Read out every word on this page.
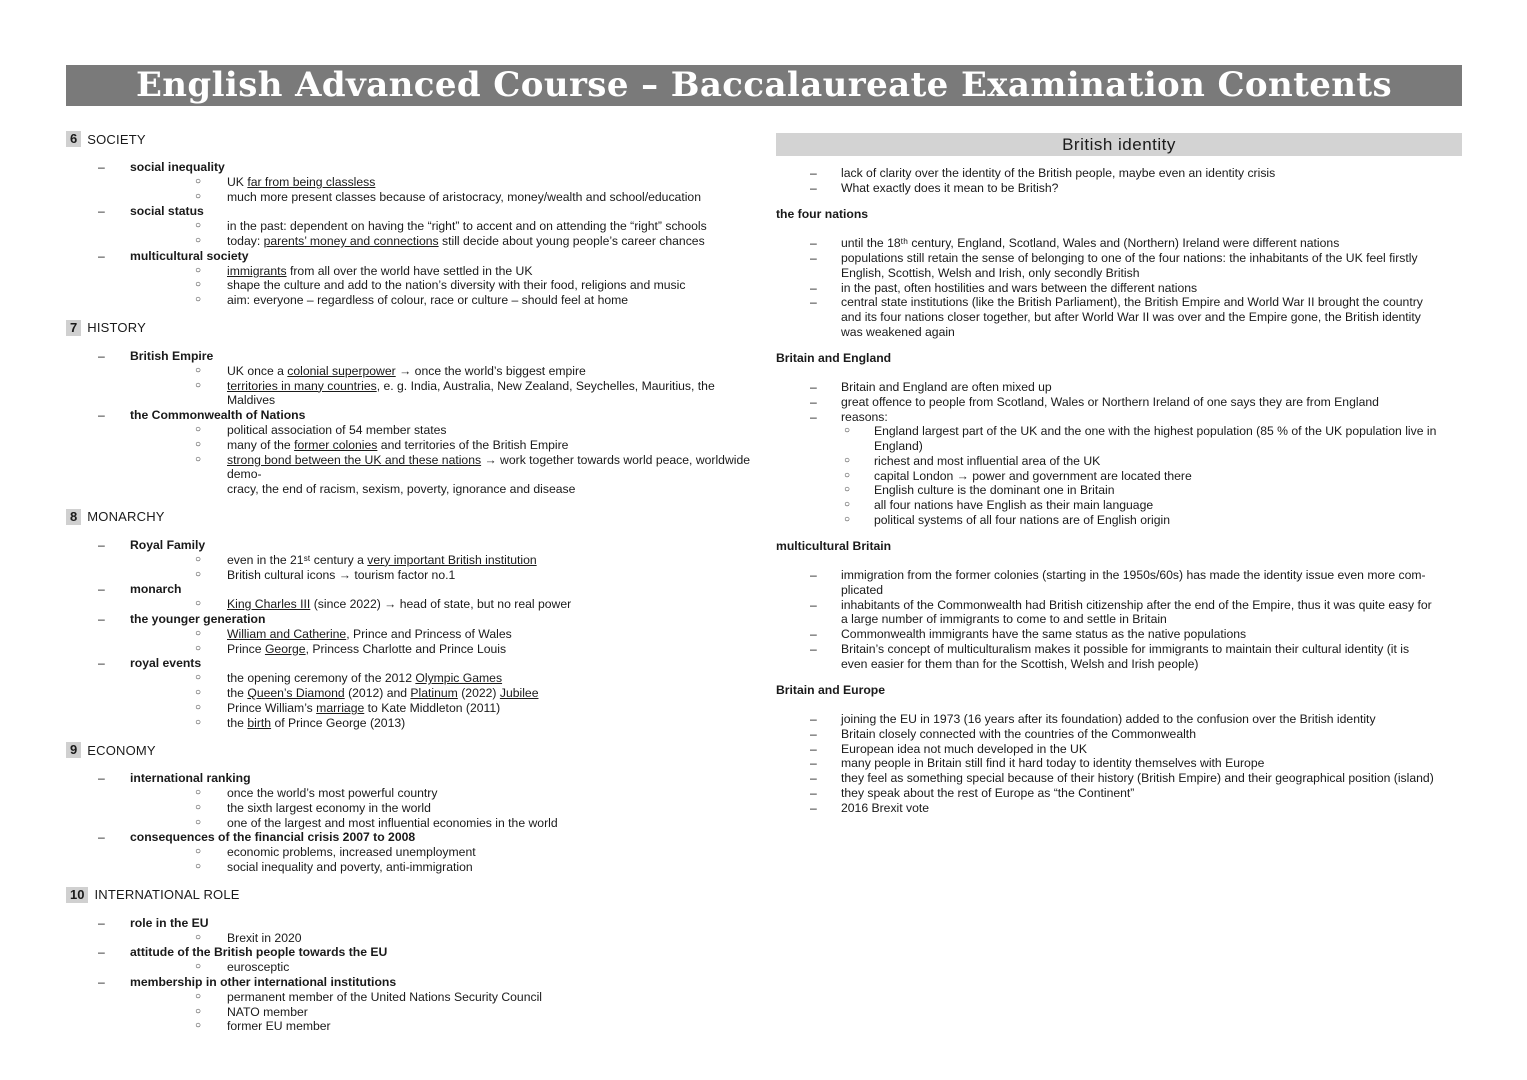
English Advanced Course – Baccalaureate Examination Contents
6 SOCIETY
– social inequality
○ UK far from being classless
○ much more present classes because of aristocracy, money/wealth and school/education
– social status
○ in the past: dependent on having the “right” to accent and on attending the “right” schools
○ today: parents’ money and connections still decide about young people’s career chances
– multicultural society
○ immigrants from all over the world have settled in the UK
○ shape the culture and add to the nation’s diversity with their food, religions and music
○ aim: everyone – regardless of colour, race or culture – should feel at home
7 HISTORY
– British Empire
○ UK once a colonial superpower → once the world’s biggest empire
○ territories in many countries, e. g. India, Australia, New Zealand, Seychelles, Mauritius, the Maldives
– the Commonwealth of Nations
○ political association of 54 member states
○ many of the former colonies and territories of the British Empire
○ strong bond between the UK and these nations → work together towards world peace, worldwide demo-
cracy, the end of racism, sexism, poverty, ignorance and disease
8 MONARCHY
– Royal Family
○ even in the 21ˢᵗ century a very important British institution
○ British cultural icons → tourism factor no.1
– monarch
○ King Charles III (since 2022) → head of state, but no real power
– the younger generation
○ William and Catherine, Prince and Princess of Wales
○ Prince George, Princess Charlotte and Prince Louis
– royal events
○ the opening ceremony of the 2012 Olympic Games
○ the Queen’s Diamond (2012) and Platinum (2022) Jubilee
○ Prince William’s marriage to Kate Middleton (2011)
○ the birth of Prince George (2013)
9 ECONOMY
– international ranking
○ once the world’s most powerful country
○ the sixth largest economy in the world
○ one of the largest and most influential economies in the world
– consequences of the financial crisis 2007 to 2008
○ economic problems, increased unemployment
○ social inequality and poverty, anti-immigration
10 INTERNATIONAL ROLE
– role in the EU
○ Brexit in 2020
– attitude of the British people towards the EU
○ eurosceptic
– membership in other international institutions
○ permanent member of the United Nations Security Council
○ NATO member
○ former EU member
British identity
– lack of clarity over the identity of the British people, maybe even an identity crisis
– What exactly does it mean to be British?
the four nations
– until the 18ᵗʰ century, England, Scotland, Wales and (Northern) Ireland were different nations
– populations still retain the sense of belonging to one of the four nations: the inhabitants of the UK feel firstly
English, Scottish, Welsh and Irish, only secondly British
– in the past, often hostilities and wars between the different nations
– central state institutions (like the British Parliament), the British Empire and World War II brought the country
and its four nations closer together, but after World War II was over and the Empire gone, the British identity
was weakened again
Britain and England
– Britain and England are often mixed up
– great offence to people from Scotland, Wales or Northern Ireland of one says they are from England
– reasons:
○ England largest part of the UK and the one with the highest population (85 % of the UK population live in
England)
○ richest and most influential area of the UK
○ capital London → power and government are located there
○ English culture is the dominant one in Britain
○ all four nations have English as their main language
○ political systems of all four nations are of English origin
multicultural Britain
– immigration from the former colonies (starting in the 1950s/60s) has made the identity issue even more com-
plicated
– inhabitants of the Commonwealth had British citizenship after the end of the Empire, thus it was quite easy for
a large number of immigrants to come to and settle in Britain
– Commonwealth immigrants have the same status as the native populations
– Britain’s concept of multiculturalism makes it possible for immigrants to maintain their cultural identity (it is
even easier for them than for the Scottish, Welsh and Irish people)
Britain and Europe
– joining the EU in 1973 (16 years after its foundation) added to the confusion over the British identity
– Britain closely connected with the countries of the Commonwealth
– European idea not much developed in the UK
– many people in Britain still find it hard today to identity themselves with Europe
– they feel as something special because of their history (British Empire) and their geographical position (island)
– they speak about the rest of Europe as “the Continent”
– 2016 Brexit vote
